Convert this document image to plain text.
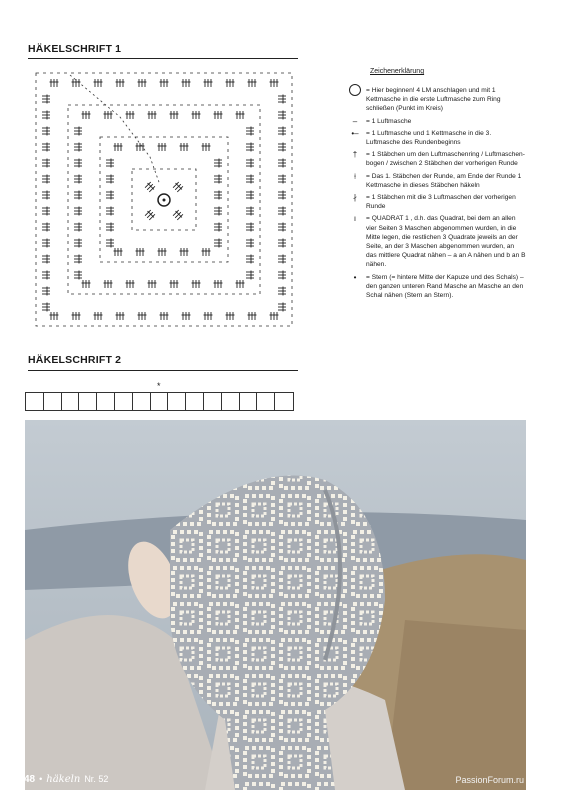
HÄKELSCHRIFT 1
HÄKELSCHRIFT 2
*
Zeichenerklärung
= Hier beginnen! 4 LM anschlagen und mit 1 Kettmasche in die erste Luftmasche zum Ring schließen (Punkt im Kreis)
–	= 1 Luftmasche
•–	= 1 Luftmasche und 1 Kettmasche in die 3. Luftmasche des Rundenbeginns
†	= 1 Stäbchen um den Luftmaschenring / Luftmaschen-bogen / zwischen 2 Stäbchen der vorherigen Runde
⍿	= Das 1. Stäbchen der Runde, am Ende der Runde 1 Kettmasche in dieses Stäbchen häkeln
∤	= 1 Stäbchen mit die 3 Luftmaschen der vorherigen Runde
ı	= QUADRAT 1 , d.h. das Quadrat, bei dem an allen vier Seiten 3 Maschen abgenommen wurden, in die Mitte legen, die restlichen 3 Quadrate jeweils an der Seite, an der 3 Maschen abgenommen wurden, an das mittlere Quadrat nähen – a an A nähen und b an B nähen.
•	= Stern (= hintere Mitte der Kapuze und des Schals) – den ganzen unteren Rand Masche an Masche an den Schal nähen (Stern an Stern).
48 • häkeln Nr. 52	PassionForum.ru
